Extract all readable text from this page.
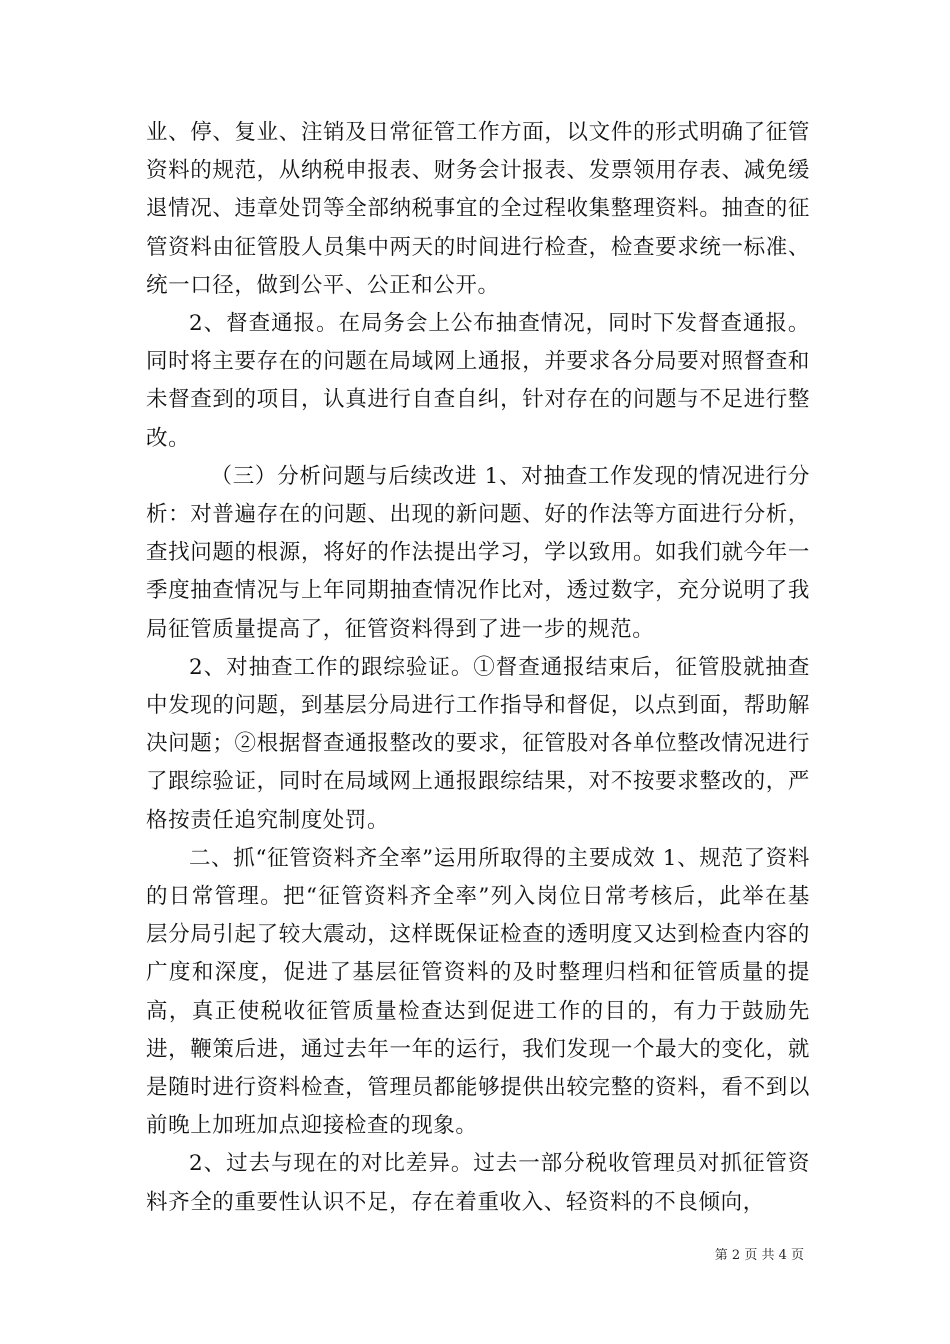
业、停、复业、注销及日常征管工作方面，以文件的形式明确了征管资料的规范，从纳税申报表、财务会计报表、发票领用存表、减免缓退情况、违章处罚等全部纳税事宜的全过程收集整理资料。抽查的征管资料由征管股人员集中两天的时间进行检查，检查要求统一标准、统一口径，做到公平、公正和公开。

2、督查通报。在局务会上公布抽查情况，同时下发督查通报。同时将主要存在的问题在局域网上通报，并要求各分局要对照督查和未督查到的项目，认真进行自查自纠，针对存在的问题与不足进行整改。

（三）分析问题与后续改进 1、对抽查工作发现的情况进行分析：对普遍存在的问题、出现的新问题、好的作法等方面进行分析，查找问题的根源，将好的作法提出学习，学以致用。如我们就今年一季度抽查情况与上年同期抽查情况作比对，透过数字，充分说明了我局征管质量提高了，征管资料得到了进一步的规范。

2、对抽查工作的跟综验证。①督查通报结束后，征管股就抽查中发现的问题，到基层分局进行工作指导和督促，以点到面，帮助解决问题；②根据督查通报整改的要求，征管股对各单位整改情况进行了跟综验证，同时在局域网上通报跟综结果，对不按要求整改的，严格按责任追究制度处罚。

二、抓“征管资料齐全率”运用所取得的主要成效 1、规范了资料的日常管理。把“征管资料齐全率”列入岗位日常考核后，此举在基层分局引起了较大震动，这样既保证检查的透明度又达到检查内容的广度和深度，促进了基层征管资料的及时整理归档和征管质量的提高，真正使税收征管质量检查达到促进工作的目的，有力于鼓励先进，鞭策后进，通过去年一年的运行，我们发现一个最大的变化，就是随时进行资料检查，管理员都能够提供出较完整的资料，看不到以前晚上加班加点迎接检查的现象。

2、过去与现在的对比差异。过去一部分税收管理员对抓征管资料齐全的重要性认识不足，存在着重收入、轻资料的不良倾向，

第 2 页 共 4 页
